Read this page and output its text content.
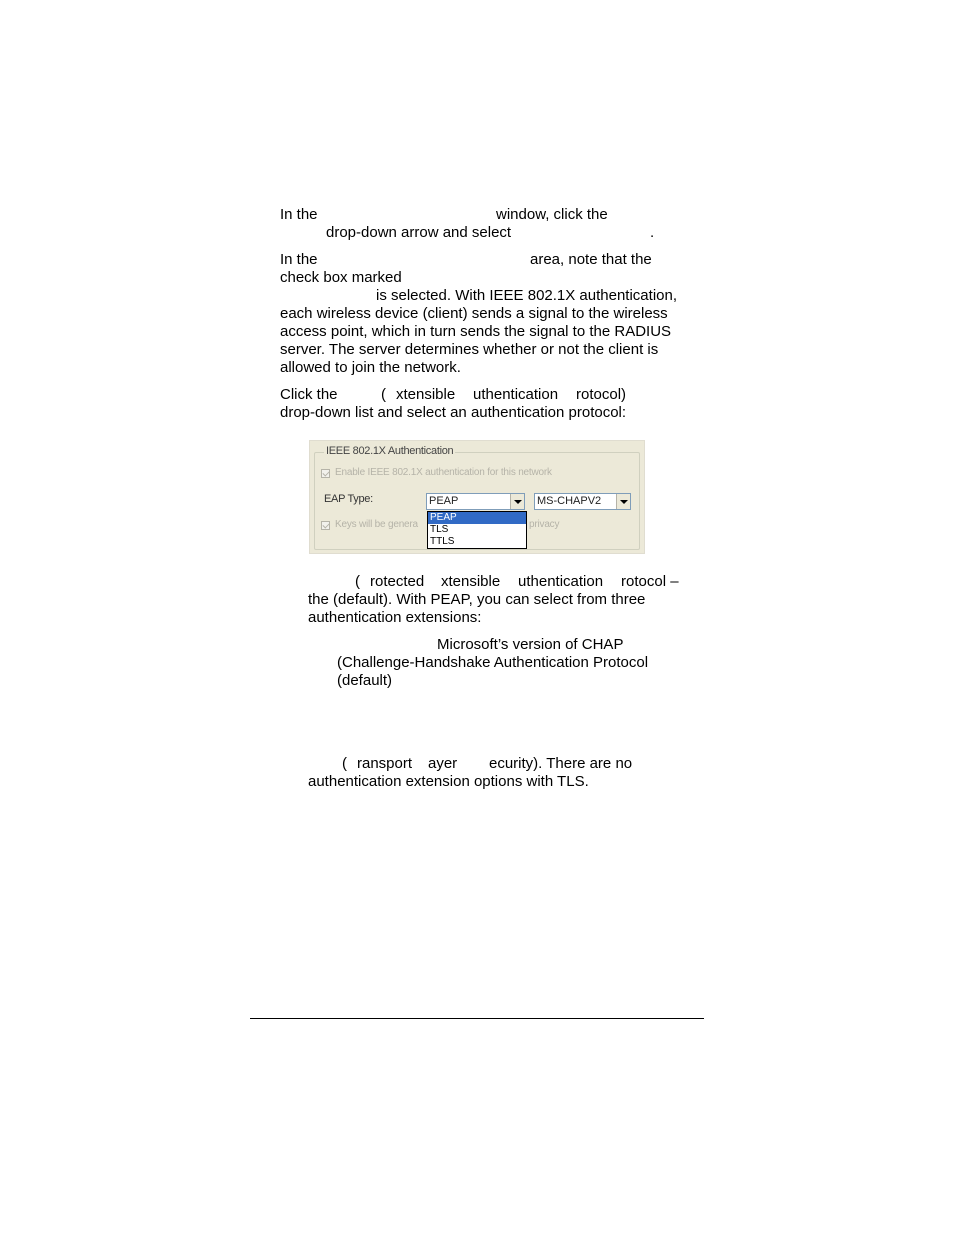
In the	window, click the
drop-down arrow and select	.
In the	area, note that the
check box marked
is selected. With IEEE 802.1X authentication,
each wireless device (client) sends a signal to the wireless
access point, which in turn sends the signal to the RADIUS
server. The server determines whether or not the client is
allowed to join the network.
Click the	( xtensible uthentication rotocol)
drop-down list and select an authentication protocol:
IEEE 802.1X Authentication
Enable IEEE 802.1X authentication for this network
EAP Type:	PEAP	MS-CHAPV2
Keys will be genera	privacy
PEAP
TLS
TTLS
( rotected xtensible uthentication rotocol –
the (default). With PEAP, you can select from three
authentication extensions:
Microsoft’s version of CHAP
(Challenge-Handshake Authentication Protocol
(default)
( ransport ayer ecurity). There are no
authentication extension options with TLS.
